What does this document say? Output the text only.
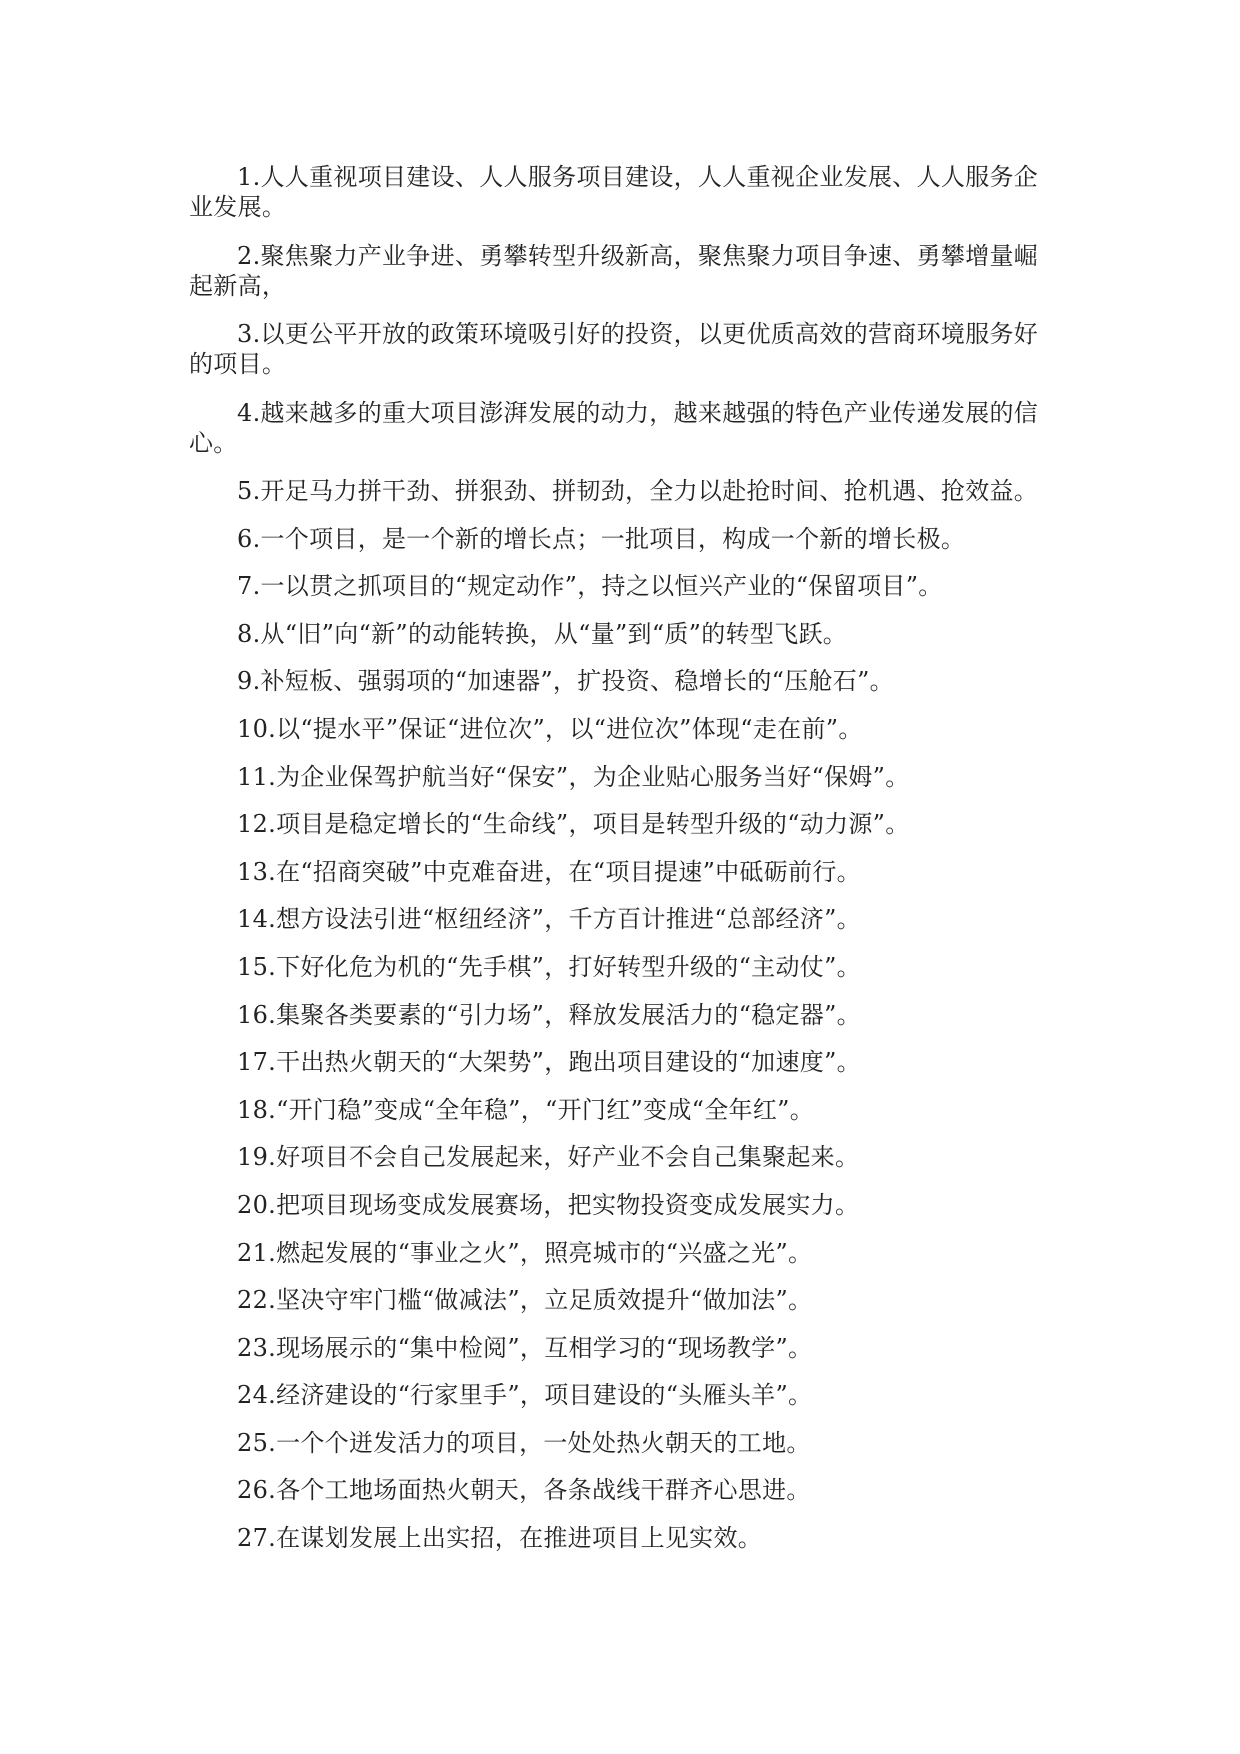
1.人人重视项目建设、人人服务项目建设，人人重视企业发展、人人服务企业发展。

2.聚焦聚力产业争进、勇攀转型升级新高，聚焦聚力项目争速、勇攀增量崛起新高，

3.以更公平开放的政策环境吸引好的投资，以更优质高效的营商环境服务好的项目。

4.越来越多的重大项目澎湃发展的动力，越来越强的特色产业传递发展的信心。

5.开足马力拼干劲、拼狠劲、拼韧劲，全力以赴抢时间、抢机遇、抢效益。

6.一个项目，是一个新的增长点；一批项目，构成一个新的增长极。

7.一以贯之抓项目的“规定动作”，持之以恒兴产业的“保留项目”。

8.从“旧”向“新”的动能转换，从“量”到“质”的转型飞跃。

9.补短板、强弱项的“加速器”，扩投资、稳增长的“压舱石”。

10.以“提水平”保证“进位次”，以“进位次”体现“走在前”。

11.为企业保驾护航当好“保安”，为企业贴心服务当好“保姆”。

12.项目是稳定增长的“生命线”，项目是转型升级的“动力源”。

13.在“招商突破”中克难奋进，在“项目提速”中砥砺前行。

14.想方设法引进“枢纽经济”，千方百计推进“总部经济”。

15.下好化危为机的“先手棋”，打好转型升级的“主动仗”。

16.集聚各类要素的“引力场”，释放发展活力的“稳定器”。

17.干出热火朝天的“大架势”，跑出项目建设的“加速度”。

18.“开门稳”变成“全年稳”，“开门红”变成“全年红”。

19.好项目不会自己发展起来，好产业不会自己集聚起来。

20.把项目现场变成发展赛场，把实物投资变成发展实力。

21.燃起发展的“事业之火”，照亮城市的“兴盛之光”。

22.坚决守牢门槛“做减法”，立足质效提升“做加法”。

23.现场展示的“集中检阅”，互相学习的“现场教学”。

24.经济建设的“行家里手”，项目建设的“头雁头羊”。

25.一个个迸发活力的项目，一处处热火朝天的工地。

26.各个工地场面热火朝天，各条战线干群齐心思进。

27.在谋划发展上出实招，在推进项目上见实效。
